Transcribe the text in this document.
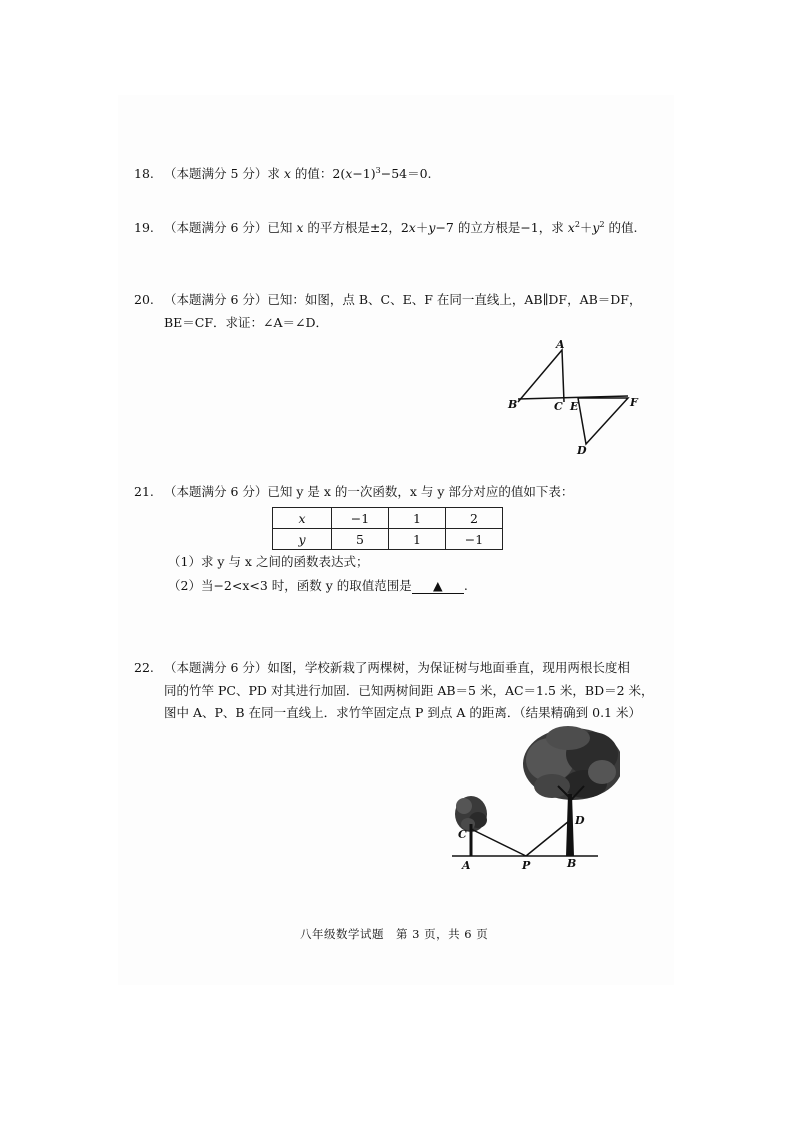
18. （本题满分 5 分）求 x 的值：$2(x-1)^3-54=0$.
19. （本题满分 6 分）已知 x 的平方根是±2，2x＋y−7 的立方根是−1，求 $x^2+y^2$ 的值.
20. （本题满分 6 分）已知：如图，点 B、C、E、F 在同一直线上，AB∥DF，AB＝DF，
BE＝CF．求证：∠A＝∠D．
A
B	C E	F
D
21. （本题满分 6 分）已知 y 是 x 的一次函数，x 与 y 部分对应的值如下表：
x	−1	1	2
y	5	1	−1
（1）求 y 与 x 之间的函数表达式；
（2）当−2<x<3 时，函数 y 的取值范围是 ▲ .
22. （本题满分 6 分）如图，学校新栽了两棵树，为保证树与地面垂直，现用两根长度相
同的竹竿 PC、PD 对其进行加固．已知两树间距 AB＝5 米，AC＝1.5 米，BD＝2 米，
图中 A、P、B 在同一直线上．求竹竿固定点 P 到点 A 的距离．（结果精确到 0.1 米）
C
D
A	P	B
八年级数学试题　第 3 页，共 6 页
